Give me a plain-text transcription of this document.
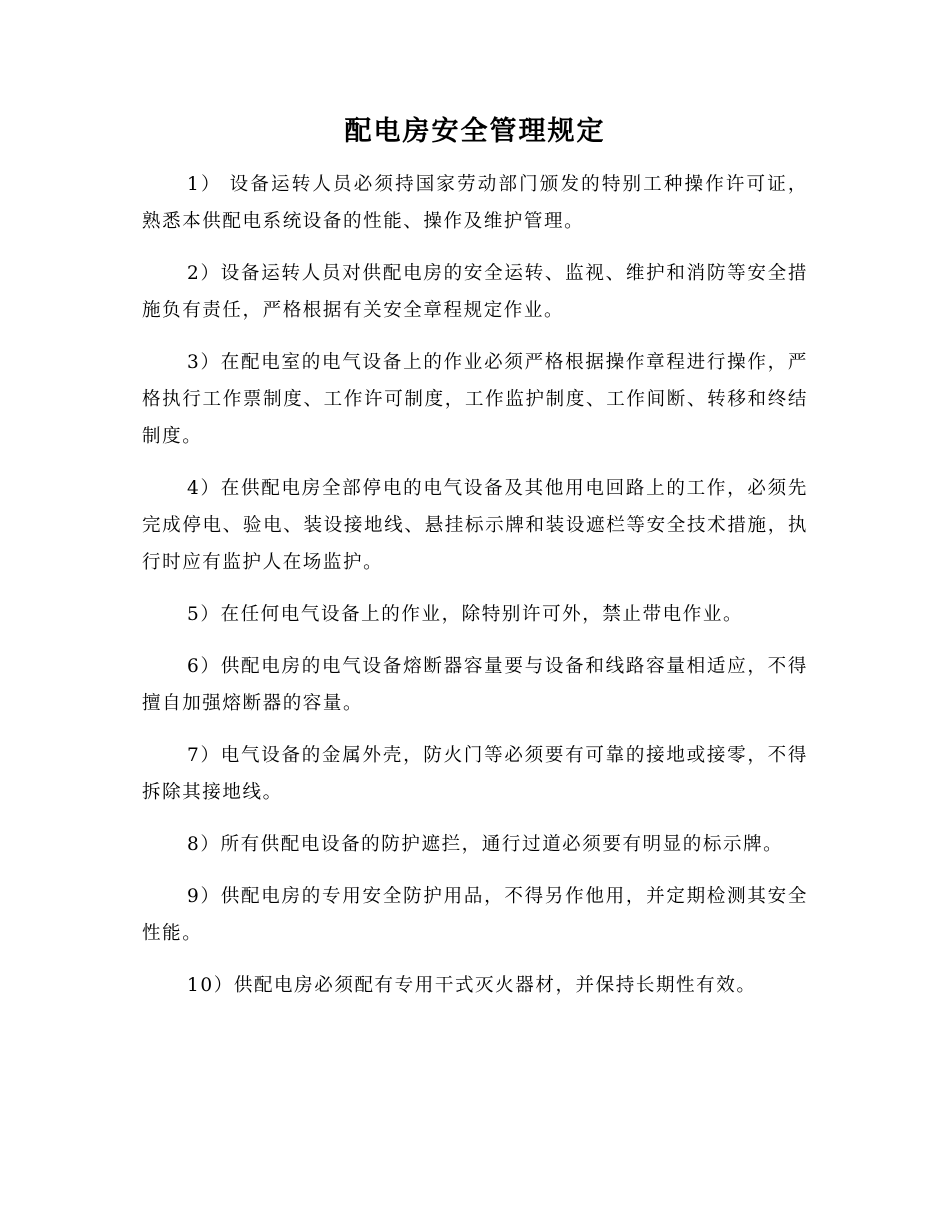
配电房安全管理规定

1） 设备运转人员必须持国家劳动部门颁发的特别工种操作许可证，熟悉本供配电系统设备的性能、操作及维护管理。

2）设备运转人员对供配电房的安全运转、监视、维护和消防等安全措施负有责任，严格根据有关安全章程规定作业。

3）在配电室的电气设备上的作业必须严格根据操作章程进行操作，严格执行工作票制度、工作许可制度，工作监护制度、工作间断、转移和终结制度。

4）在供配电房全部停电的电气设备及其他用电回路上的工作，必须先完成停电、验电、装设接地线、悬挂标示牌和装设遮栏等安全技术措施，执行时应有监护人在场监护。

5）在任何电气设备上的作业，除特别许可外，禁止带电作业。

6）供配电房的电气设备熔断器容量要与设备和线路容量相适应，不得擅自加强熔断器的容量。

7）电气设备的金属外壳，防火门等必须要有可靠的接地或接零，不得拆除其接地线。

8）所有供配电设备的防护遮拦，通行过道必须要有明显的标示牌。

9）供配电房的专用安全防护用品，不得另作他用，并定期检测其安全性能。

10）供配电房必须配有专用干式灭火器材，并保持长期性有效。
